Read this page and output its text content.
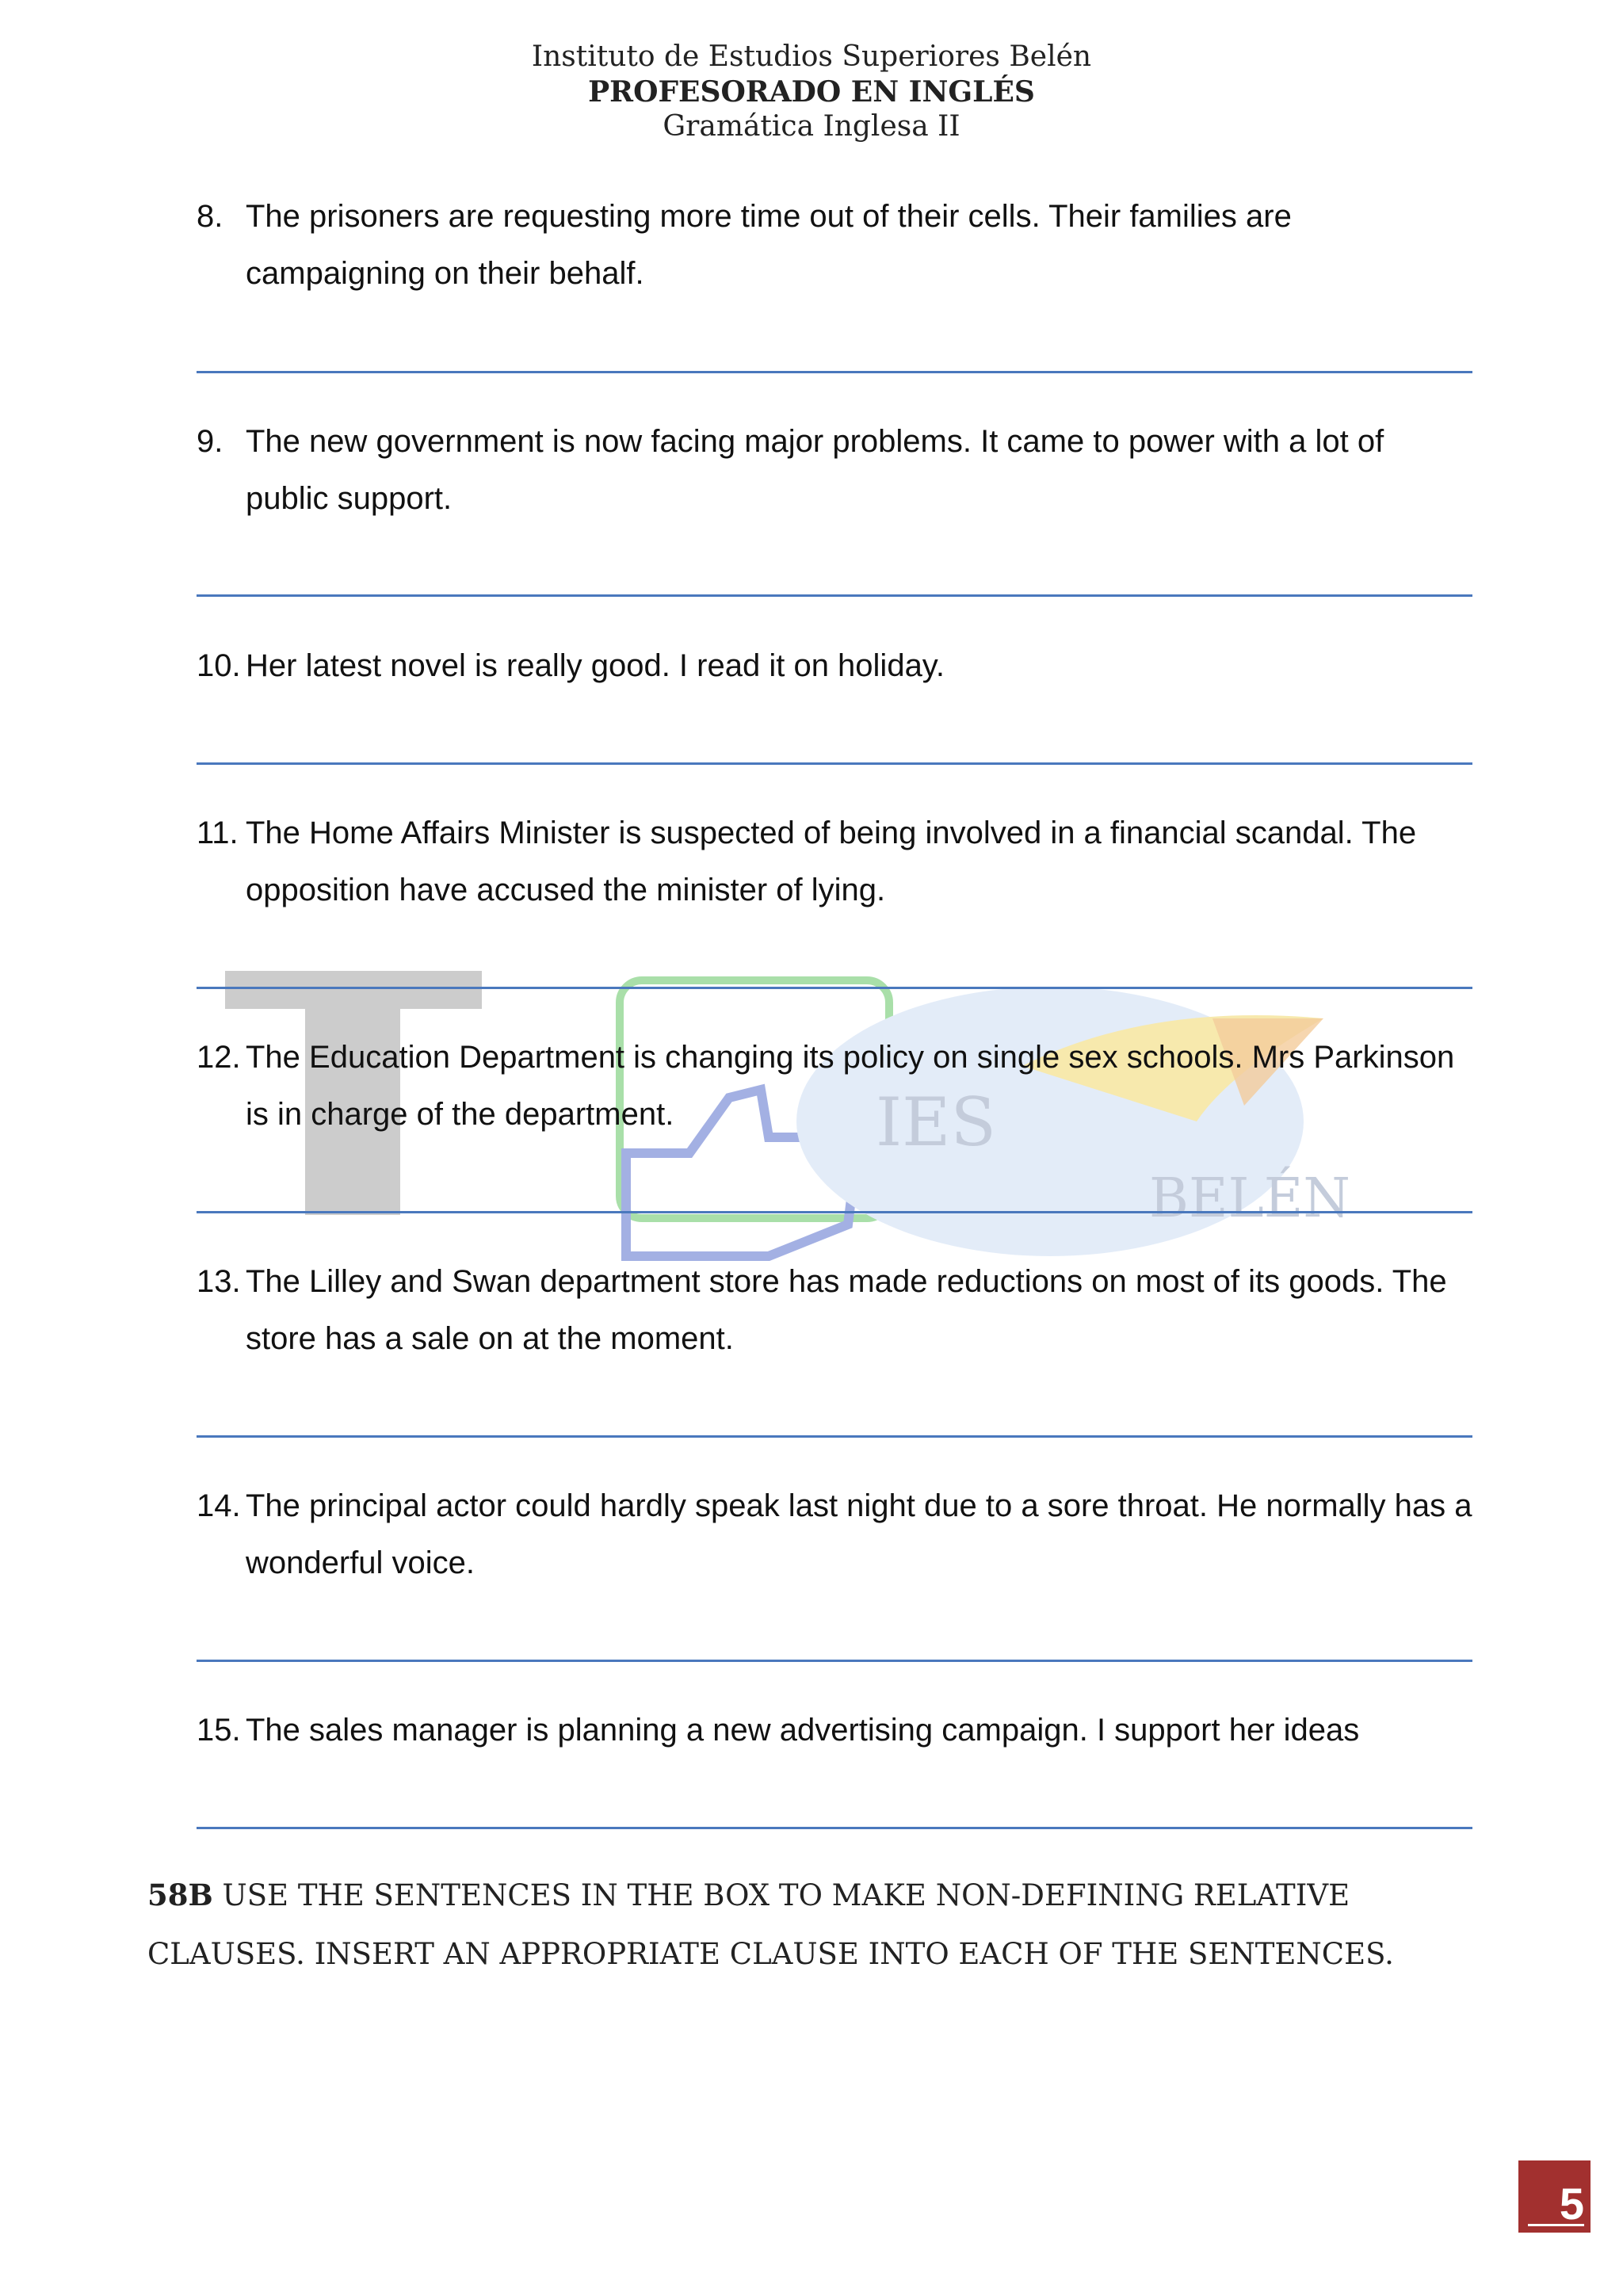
Instituto de Estudios Superiores Belén
PROFESORADO EN INGLÉS
Gramática Inglesa II
IES
BELÉN
8. The prisoners are requesting more time out of their cells. Their families are campaigning on their behalf.
9. The new government is now facing major problems. It came to power with a lot of public support.
10. Her latest novel is really good. I read it on holiday.
11. The Home Affairs Minister is suspected of being involved in a financial scandal. The opposition have accused the minister of lying.
12. The Education Department is changing its policy on single sex schools. Mrs Parkinson is in charge of the department.
13. The Lilley and Swan department store has made reductions on most of its goods. The store has a sale on at the moment.
14. The principal actor could hardly speak last night due to a sore throat. He normally has a wonderful voice.
15. The sales manager is planning a new advertising campaign. I support her ideas
58B USE THE SENTENCES IN THE BOX TO MAKE NON-DEFINING RELATIVE CLAUSES. INSERT AN APPROPRIATE CLAUSE INTO EACH OF THE SENTENCES.
5
